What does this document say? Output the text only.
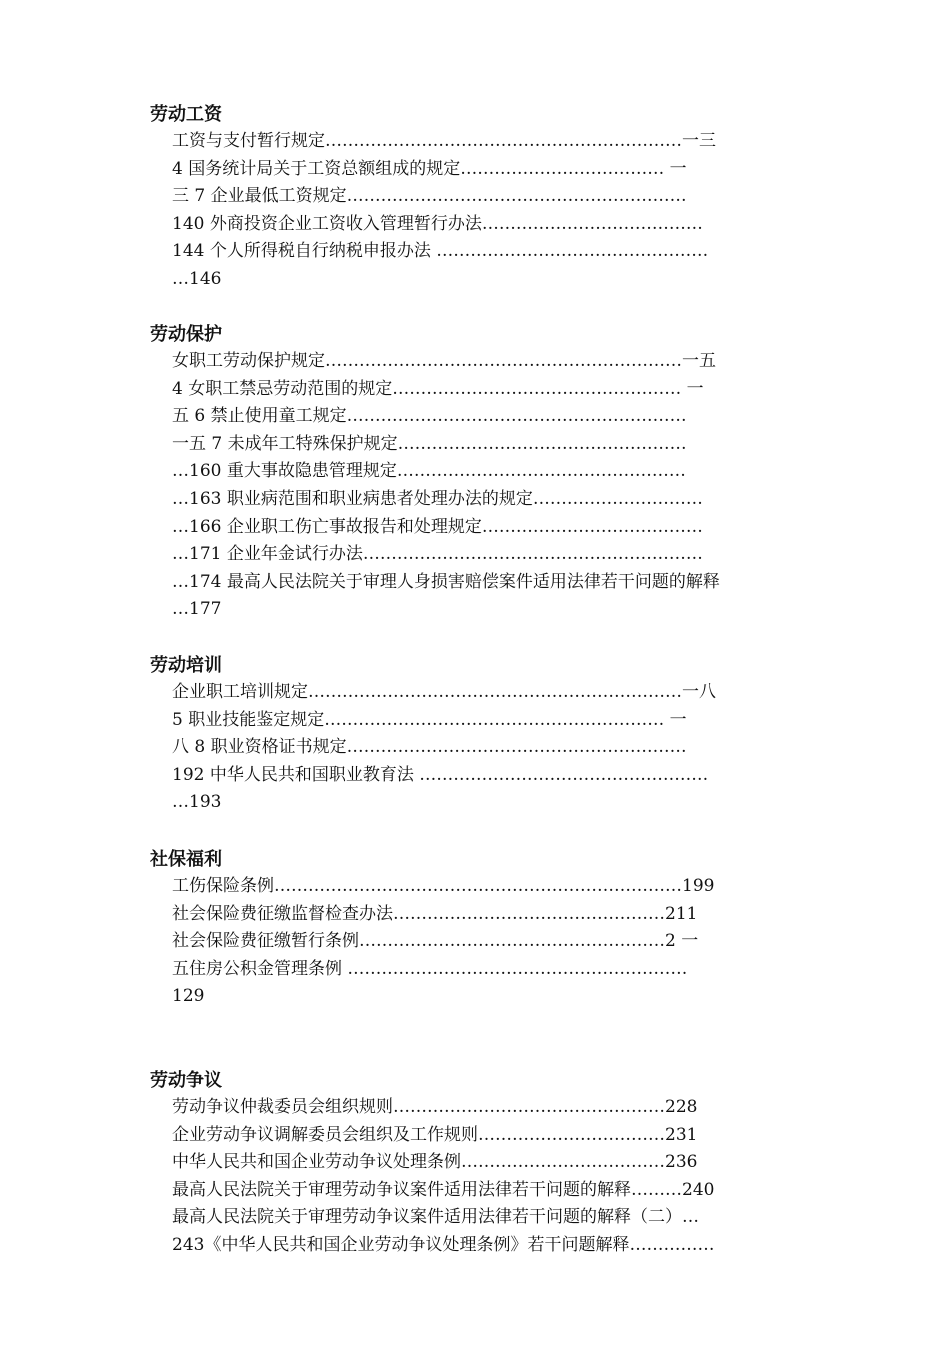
劳动工资
工资与支付暂行规定………………………………………………………一三
4 国务统计局关于工资总额组成的规定……………………………… 一
三 7 企业最低工资规定……………………………………………………
140 外商投资企业工资收入管理暂行办法…………………………………
144 个人所得税自行纳税申报办法 …………………………………………
…146
劳动保护
女职工劳动保护规定………………………………………………………一五
4 女职工禁忌劳动范围的规定…………………………………………… 一
五 6 禁止使用童工规定……………………………………………………
一五 7 未成年工特殊保护规定……………………………………………
…160 重大事故隐患管理规定……………………………………………
…163 职业病范围和职业病患者处理办法的规定…………………………
…166 企业职工伤亡事故报告和处理规定…………………………………
…171 企业年金试行办法……………………………………………………
…174 最高人民法院关于审理人身损害赔偿案件适用法律若干问题的解释
…177
劳动培训
企业职工培训规定…………………………………………………………一八
5 职业技能鉴定规定…………………………………………………… 一
八 8 职业资格证书规定……………………………………………………
192 中华人民共和国职业教育法 ……………………………………………
…193
社保福利
工伤保险条例………………………………………………………………199
社会保险费征缴监督检查办法…………………………………………211
社会保险费征缴暂行条例………………………………………………2 一
五住房公积金管理条例 ……………………………………………………
129
劳动争议
劳动争议仲裁委员会组织规则…………………………………………228
企业劳动争议调解委员会组织及工作规则……………………………231
中华人民共和国企业劳动争议处理条例………………………………236
最高人民法院关于审理劳动争议案件适用法律若干问题的解释………240
最高人民法院关于审理劳动争议案件适用法律若干问题的解释（二）…
243《中华人民共和国企业劳动争议处理条例》若干问题解释……………
